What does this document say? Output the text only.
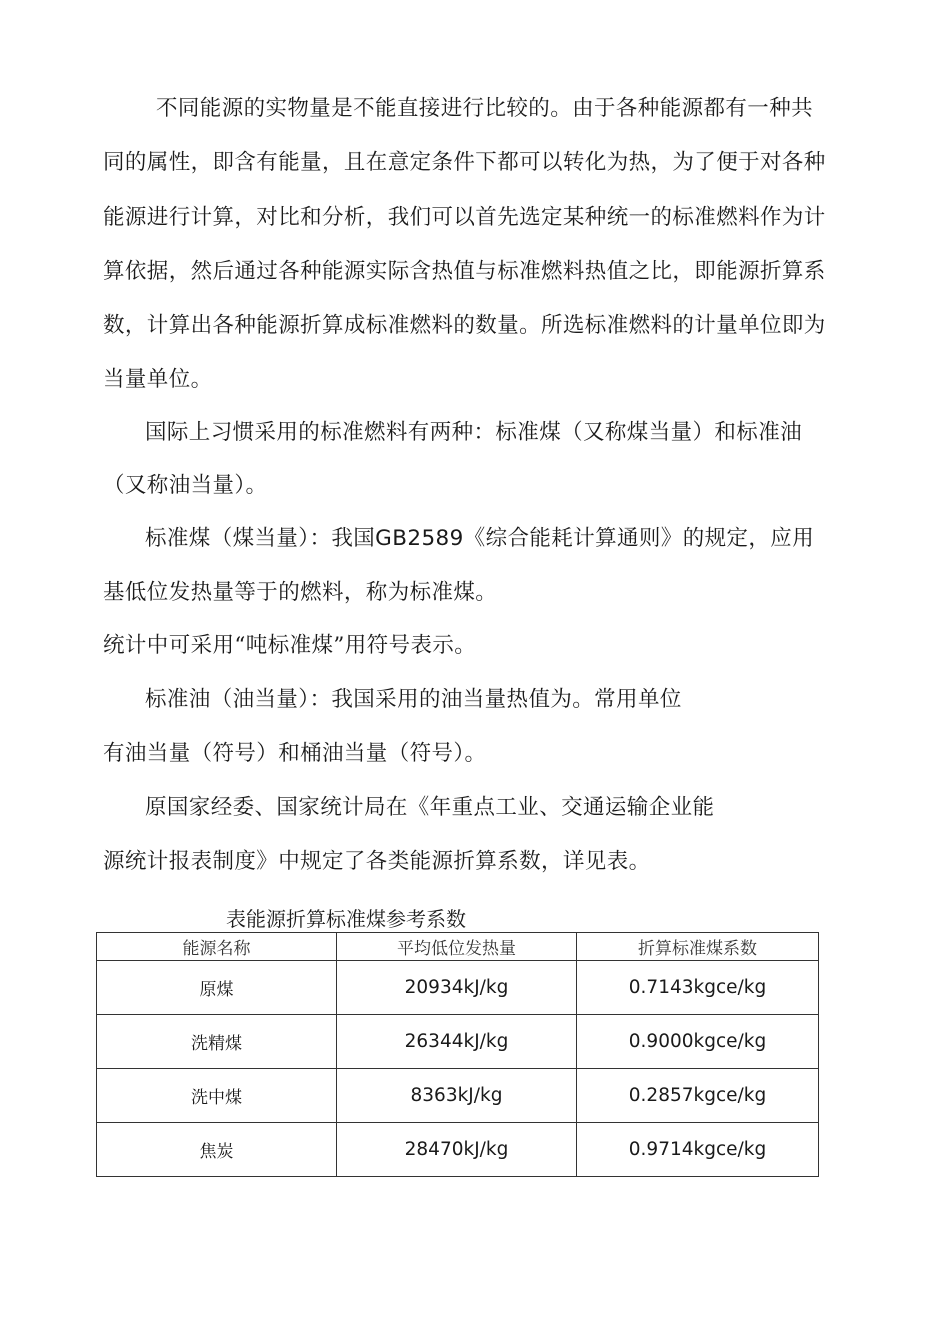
不同能源的实物量是不能直接进行比较的。由于各种能源都有一种共

同的属性，即含有能量，且在意定条件下都可以转化为热，为了便于对各种

能源进行计算，对比和分析，我们可以首先选定某种统一的标准燃料作为计

算依据，然后通过各种能源实际含热值与标准燃料热值之比，即能源折算系

数，计算出各种能源折算成标准燃料的数量。所选标准燃料的计量单位即为

当量单位。

国际上习惯采用的标准燃料有两种：标准煤（又称煤当量）和标准油

（又称油当量）。

标准煤（煤当量）：我国GB2589《综合能耗计算通则》的规定，应用

基低位发热量等于的燃料，称为标准煤。

统计中可采用“吨标准煤”用符号表示。

标准油（油当量）：我国采用的油当量热值为。常用单位

有油当量（符号）和桶油当量（符号）。

原国家经委、国家统计局在《年重点工业、交通运输企业能

源统计报表制度》中规定了各类能源折算系数，详见表。

表能源折算标准煤参考系数
能源名称	平均低位发热量	折算标准煤系数
原煤	20934kJ/kg	0.7143kgce/kg
洗精煤	26344kJ/kg	0.9000kgce/kg
洗中煤	8363kJ/kg	0.2857kgce/kg
焦炭	28470kJ/kg	0.9714kgce/kg
